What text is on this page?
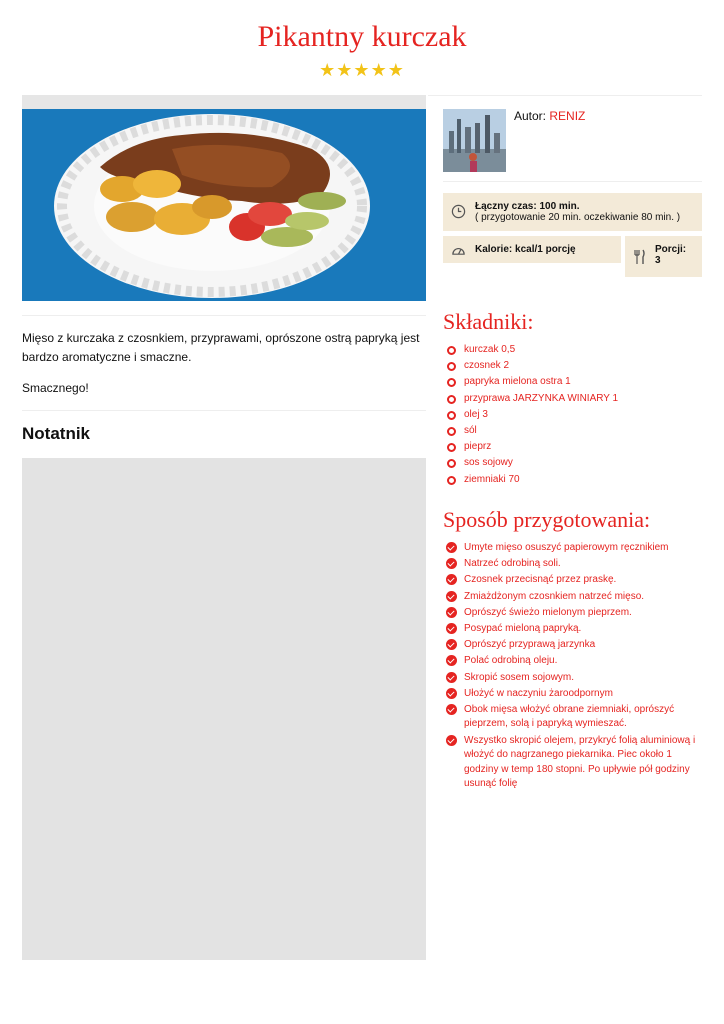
Pikantny kurczak
★★★★★

Mięso z kurczaka z czosnkiem, przyprawami, oprószone ostrą papryką jest bardzo aromatyczne i smaczne.

Smacznego!

Notatnik
Autor: RENIZ
Łączny czas: 100 min.
( przygotowanie 20 min. oczekiwanie 80 min. )
Kalorie: kcal/1 porcję	Porcji:
3
Składniki:
kurczak 0,5
czosnek 2
papryka mielona ostra 1
przyprawa JARZYNKA WINIARY 1
olej 3
sól
pieprz
sos sojowy
ziemniaki 70
Sposób przygotowania:
Umyte mięso osuszyć papierowym ręcznikiem
Natrzeć odrobiną soli.
Czosnek przecisnąć przez praskę.
Zmiażdżonym czosnkiem natrzeć mięso.
Oprószyć świeżo mielonym pieprzem.
Posypać mieloną papryką.
Oprószyć przyprawą jarzynka
Polać odrobiną oleju.
Skropić sosem sojowym.
Ułożyć w naczyniu żaroodpornym
Obok mięsa włożyć obrane ziemniaki, oprószyć pieprzem, solą i papryką wymieszać.
Wszystko skropić olejem, przykryć folią aluminiową i włożyć do nagrzanego piekarnika. Piec około 1 godziny w temp 180 stopni. Po upływie pół godziny usunąć folię
